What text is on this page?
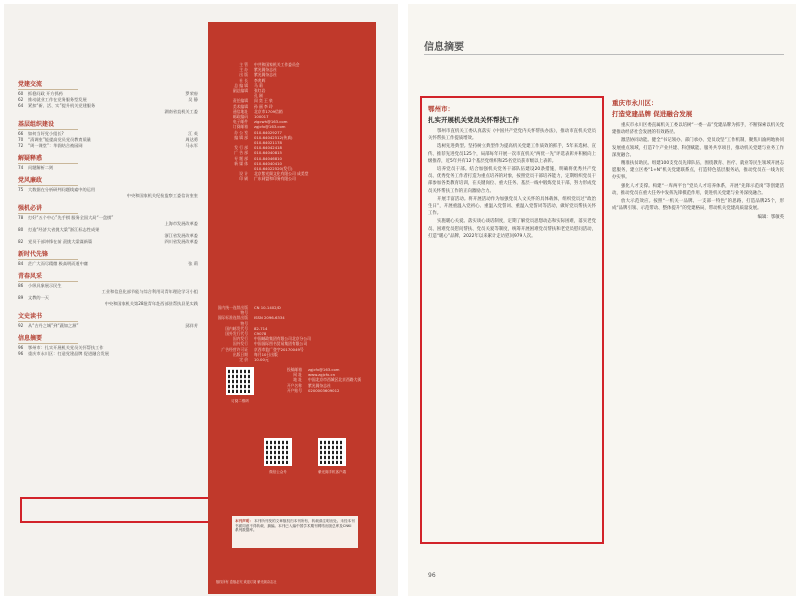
党建交流
60	抓稳问政 开方抓药	罗荣府
62	推动就业工作在党务服务型发展	吴 静
64	紧扣“新、活、实”提升机关党建服务
湖南省直机关工委
基层组织建设
66	如何当好党小组长?	江 英
70	“清调室”能提高党员党员教育质量	周达勇
72	“周一课堂”：华润结合被园网	马永军
解疑释惑
74	问题解析二则
党风廉政
75	大数据在分析研判问题线索中的运用
中央和国家机关纪检监察工委信访室室
强机必讲
78	打好“五个中心”先手棋 服务全国大局“一盘棋”
上海市发展改革委
80	打造“经济大省挑大梁”浙江标志性成果
浙江省发展改革委
82	党员干部冲锋在前 责挑大梁谋新篇	四川省发展改革委
新时代先锋
84	茫广大而尽精微 极高明而道中庸	张 莉
青春风采
86	小纵具象展示民生
工业和信息化部节能与综合利用司青年理论学习小组
89	文教的一天
中央和国家机关第28批青年赴西部驻帮扶县见实践
文史读书
92	从“古丹之城”到“蔬如之源”	邱祥芳
信息摘要
96	鄂州市：扎实开展机关党员关怀帮扶工作
96	重庆市永川区：打造党建品牌 促进融合发展
主 管 中共和国家机关工作委员会
主 办 紫光阁杂志社
出 版 紫光阁杂志社
社 长 李兆辉
总 编 辑 马 莉
副总编辑 张红岩
孔 刚
责任编辑 闵 奕 王 泉
美术编辑 孙 丽 李 玲
通信地址 北京市1709信箱
邮政编码 100017
电子邮件 zigcwh@163.com
订阅邮箱 zgjcfx@163.com
办 公 室 010-64029277
编 辑 部 010-64042512(传真)
010-64021178
发 行 部 010-64042418
广 告 部 010-64040815
专 题 部 010-84046810
新 媒 体 010-64040410
010-64022520(发行)
设 计 北京紫光阁文化有限公司 成美堂
印 刷 广东同盟和印务有限公司
国内统一连续出版物号
CN 10-1402/D
国际标准连续出版物号
ISSN 2096-6334
国内邮发代号 82-714
国外发行代号 C9078
国内发行 中国邮政集团有限公司北京分公司
国外发行 中国国际图书贸易集团有限公司
广告经营许可证 京西市监广登字20170049号
出版日期 每月10日出版
定 价 10.00元
订阅二维码
投稿邮箱 zgjcfx@163.com
网 址 www.zgjcfx.cn
地 址 中国北京市西城区北京西路大街
开户名称 紫光阁杂志社
开户账号 0200003609012
微信公众号	紫光阁手机客户端
本刊声明： 本刊所刊发的文章版权归本刊所有，转载请注明出处。未经本刊书面同意不得转载、摘编。本刊已入编中国学术期刊网络出版总库及CNKI系列数据库。
版权所有 盗版必究 欢迎订阅 紫光阁杂志社
信息摘要
鄂州市：
扎实开展机关党员关怀帮扶工作

鄂州市直机关工委认真落实《中国共产党党内关怀帮扶办法》，推动市直机关党员关怀帮扶工作提质增效。

选树先进典型。坚持树立典型作为提高机关党建工作质效的抓手，5年来选树、宣传、推荐先进党员125个，局部每年开展一次市直机关“两优一先”评选表彰并积极向上级推荐，近5年共有12个基层党组织和25名党员获市级以上表彰。

培养党员干部。结合加强机关党务干部队伍建设20条措施，明确将优秀共产党员、优秀党务工作者打造为重点培养的对象，按照党员干部培养能力，定期组织党员干部参加各类教育培训，在关键岗位、重大任务、基层一线中锻炼党员干部，努力形成党员关怀帮扶工作的正向激励合力。

开展丰富活动。将开展活动作为加强党员人文关怀的具体载体，组织党员过“政治生日”，开展重温入党初心、重温入党誓词、重温入党誓词等活动，做好党员帮扶关怀工作。

实施暖心关爱。落实谈心谈话制度，定期了解党员思想动态和实际困难，落实老党员、困难党员慰问帮扶、党员关爱等制度，统筹开展困难党员帮扶和老党员慰问活动，打造“暖心”品牌，2022年以来累计走访慰问979人次。

重庆市永川区：
打造党建品牌 促进融合发展

重庆市永川区委直属机关工委以培树“一委一品”党建品牌为抓手，不断探索以机关党建推动经济社会发展的有效路径。

激活协同动能。健全“书记领办、部门承办、党员攻坚”工作机制，聚焦川渝两地协同发展重点领域，打造7个产业共建、科创赋能、服务共享项目，推动机关党建与业务工作深度融合。

精准扶贫助民。组建100支党员先锋队伍，围绕教育、医疗、就业等民生领域开展志愿服务，建立区委“1+N”机关党建联系点，打造特色基层服务站，推动党员在一线为民办实事。

强化人才支撑。构建“一库两平台”党员人才培养体系，开展“先锋示范岗”等创建活动，推动党员在重大任务中发挥先锋模范作用，促进机关党建与业务深度融合。

放大示范效应。按照“一机关一品牌、一支部一特色”的思路，打造品牌25个，形成“品牌引领、示范带动、整体提升”的党建格局，带动机关党建高质量发展。

编辑：鄂敏英
96
